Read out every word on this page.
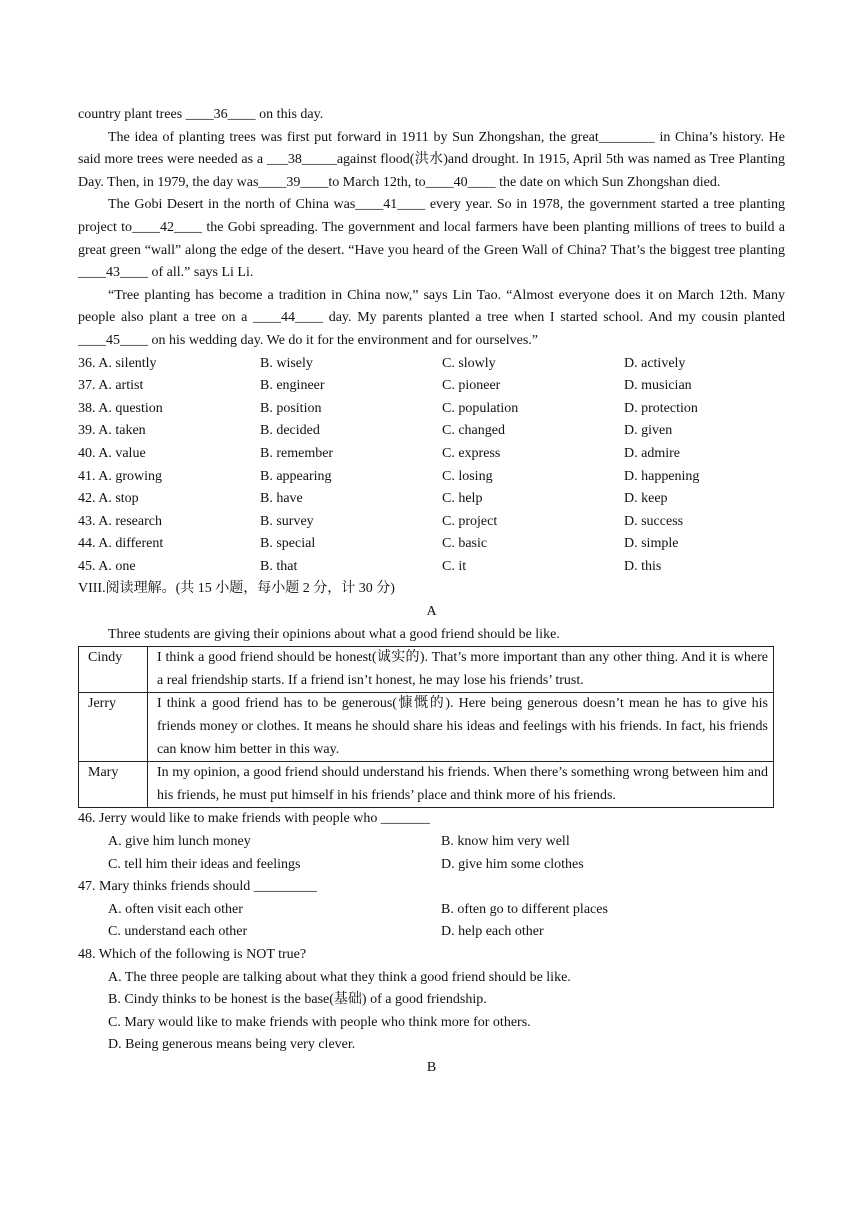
country plant trees ____36____ on this day.

The idea of planting trees was first put forward in 1911 by Sun Zhongshan, the great________ in China’s history. He said more trees were needed as a ___38_____against flood(洪水)and drought. In 1915, April 5th was named as Tree Planting Day. Then, in 1979, the day was____39____to March 12th, to____40____ the date on which Sun Zhongshan died.

The Gobi Desert in the north of China was____41____ every year. So in 1978, the government started a tree planting project to____42____ the Gobi spreading. The government and local farmers have been planting millions of trees to build a great green “wall” along the edge of the desert. “Have you heard of the Green Wall of China? That’s the biggest tree planting ____43____ of all.” says Li Li.

“Tree planting has become a tradition in China now,” says Lin Tao. “Almost everyone does it on March 12th. Many people also plant a tree on a ____44____ day. My parents planted a tree when I started school. And my cousin planted ____45____ on his wedding day. We do it for the environment and for ourselves.”

36. A. silently	B. wisely	C. slowly	D. actively
37. A. artist	B. engineer	C. pioneer	D. musician
38. A. question	B. position	C. population	D. protection
39. A. taken	B. decided	C. changed	D. given
40. A. value	B. remember	C. express	D. admire
41. A. growing	B. appearing	C. losing	D. happening
42. A. stop	B. have	C. help	D. keep
43. A. research	B. survey	C. project	D. success
44. A. different	B. special	C. basic	D. simple
45. A. one	B. that	C. it	D. this
VIII.阅读理解。(共 15 小题，每小题 2 分，计 30 分)
A

Three students are giving their opinions about what a good friend should be like.

Cindy	I think a good friend should be honest(诚实的). That’s more important than any other thing. And it is where a real friendship starts. If a friend isn’t honest, he may lose his friends’ trust.
Jerry	I think a good friend has to be generous(慷慨的). Here being generous doesn’t mean he has to give his friends money or clothes. It means he should share his ideas and feelings with his friends. In fact, his friends can know him better in this way.
Mary	In my opinion, a good friend should understand his friends. When there’s something wrong between him and his friends, he must put himself in his friends’ place and think more of his friends.
46. Jerry would like to make friends with people who _______
A. give him lunch money	B. know him very well
C. tell him their ideas and feelings	D. give him some clothes
47. Mary thinks friends should _________
A. often visit each other	B. often go to different places
C. understand each other	D. help each other
48. Which of the following is NOT true?
A. The three people are talking about what they think a good friend should be like.
B. Cindy thinks to be honest is the base(基础) of a good friendship.
C. Mary would like to make friends with people who think more for others.
D. Being generous means being very clever.
B
